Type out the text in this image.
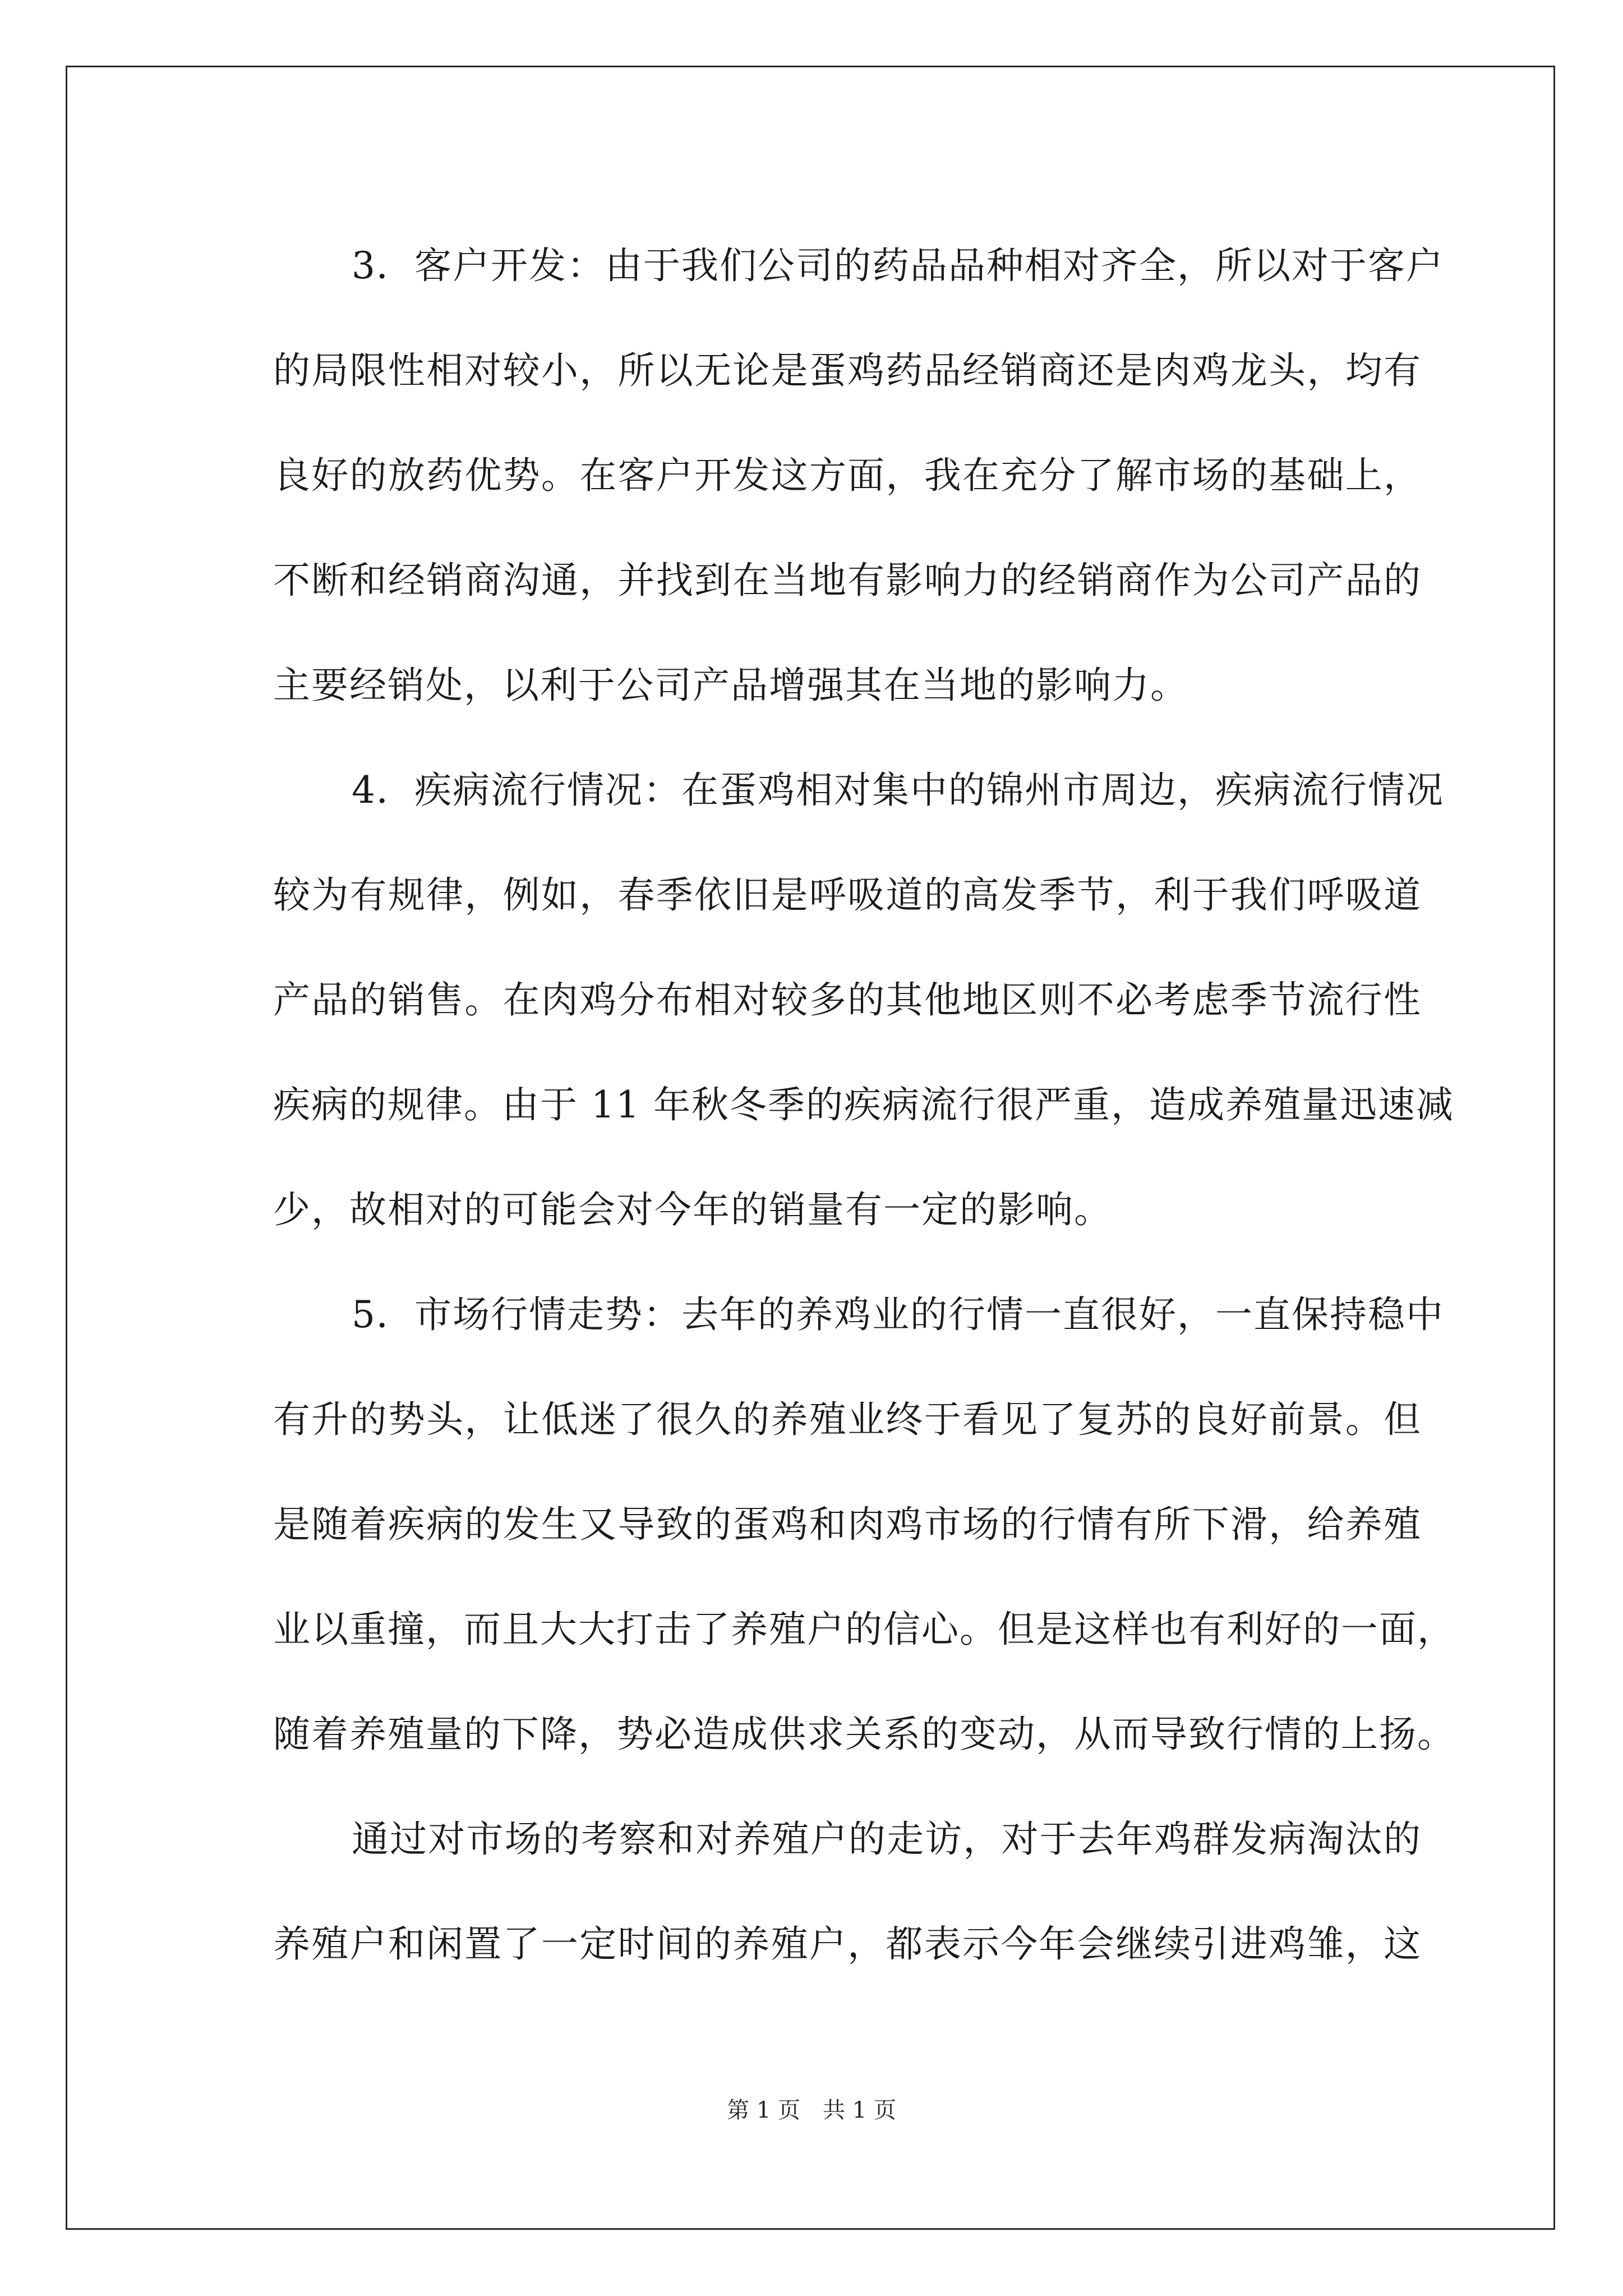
3．客户开发：由于我们公司的药品品种相对齐全，所以对于客户
的局限性相对较小，所以无论是蛋鸡药品经销商还是肉鸡龙头，均有
良好的放药优势。在客户开发这方面，我在充分了解市场的基础上，
不断和经销商沟通，并找到在当地有影响力的经销商作为公司产品的
主要经销处，以利于公司产品增强其在当地的影响力。
4．疾病流行情况：在蛋鸡相对集中的锦州市周边，疾病流行情况
较为有规律，例如，春季依旧是呼吸道的高发季节，利于我们呼吸道
产品的销售。在肉鸡分布相对较多的其他地区则不必考虑季节流行性
疾病的规律。由于 11 年秋冬季的疾病流行很严重，造成养殖量迅速减
少，故相对的可能会对今年的销量有一定的影响。
5．市场行情走势：去年的养鸡业的行情一直很好，一直保持稳中
有升的势头，让低迷了很久的养殖业终于看见了复苏的良好前景。但
是随着疾病的发生又导致的蛋鸡和肉鸡市场的行情有所下滑，给养殖
业以重撞，而且大大打击了养殖户的信心。但是这样也有利好的一面，
随着养殖量的下降，势必造成供求关系的变动，从而导致行情的上扬。
通过对市场的考察和对养殖户的走访，对于去年鸡群发病淘汰的
养殖户和闲置了一定时间的养殖户，都表示今年会继续引进鸡雏，这
第 1 页　共 1 页
